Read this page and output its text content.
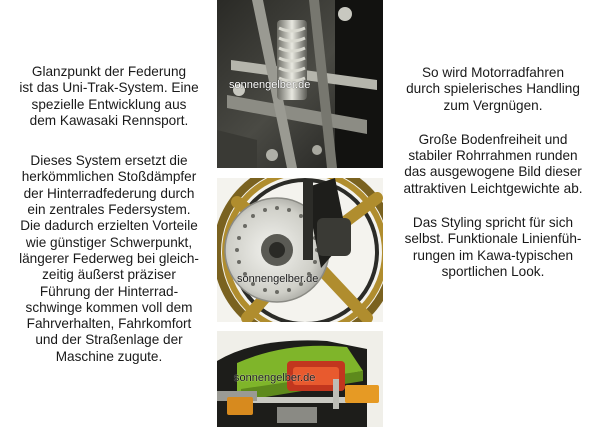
Glanzpunkt der Federung
ist das Uni-Trak-System. Eine
spezielle Entwicklung aus
dem Kawasaki Rennsport.

Dieses System ersetzt die
herkömmlichen Stoßdämpfer
der Hinterradfederung durch
ein zentrales Federsystem.
Die dadurch erzielten Vorteile
wie günstiger Schwerpunkt,
längerer Federweg bei gleich-
zeitig äußerst präziser
Führung der Hinterrad-
schwinge kommen voll dem
Fahrverhalten, Fahrkomfort
und der Straßenlage der
Maschine zugute.

sonnengelber.de
sonnengelber.de
sonnengelber.de

So wird Motorradfahren
durch spielerisches Handling
zum Vergnügen.

Große Bodenfreiheit und
stabiler Rohrrahmen runden
das ausgewogene Bild dieser
attraktiven Leichtgewichte ab.

Das Styling spricht für sich
selbst. Funktionale Linienfüh-
rungen im Kawa-typischen
sportlichen Look.
